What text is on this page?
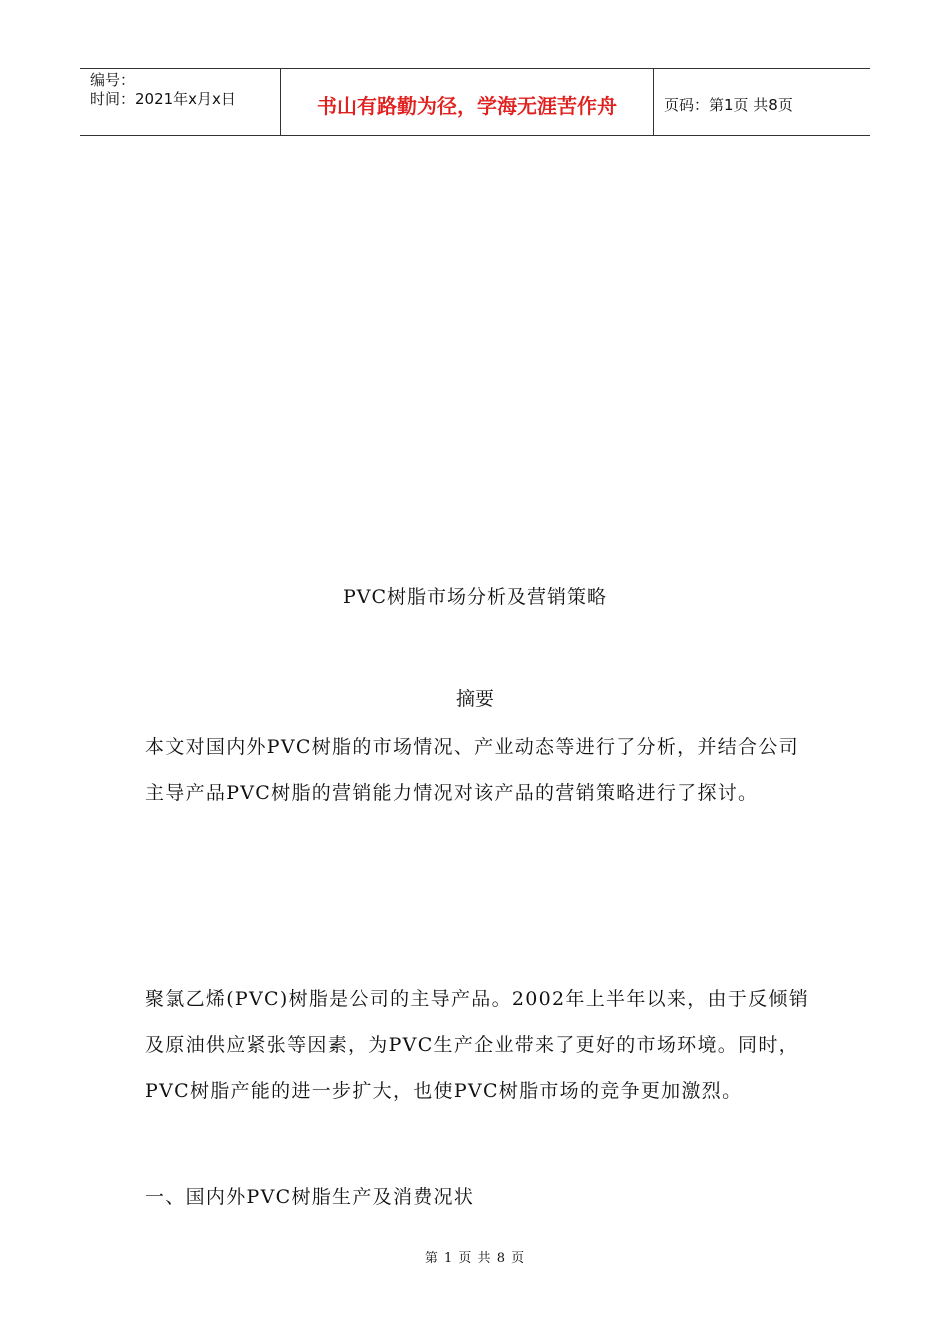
编号：
时间：2021年x月x日	书山有路勤为径，学海无涯苦作舟	页码：第1页 共8页
PVC树脂市场分析及营销策略
摘要

本文对国内外PVC树脂的市场情况、产业动态等进行了分析，并结合公司主导产品PVC树脂的营销能力情况对该产品的营销策略进行了探讨。

聚氯乙烯(PVC)树脂是公司的主导产品。2002年上半年以来，由于反倾销及原油供应紧张等因素，为PVC生产企业带来了更好的市场环境。同时，PVC树脂产能的进一步扩大，也使PVC树脂市场的竞争更加激烈。

一、国内外PVC树脂生产及消费况状
第 1 页 共 8 页
